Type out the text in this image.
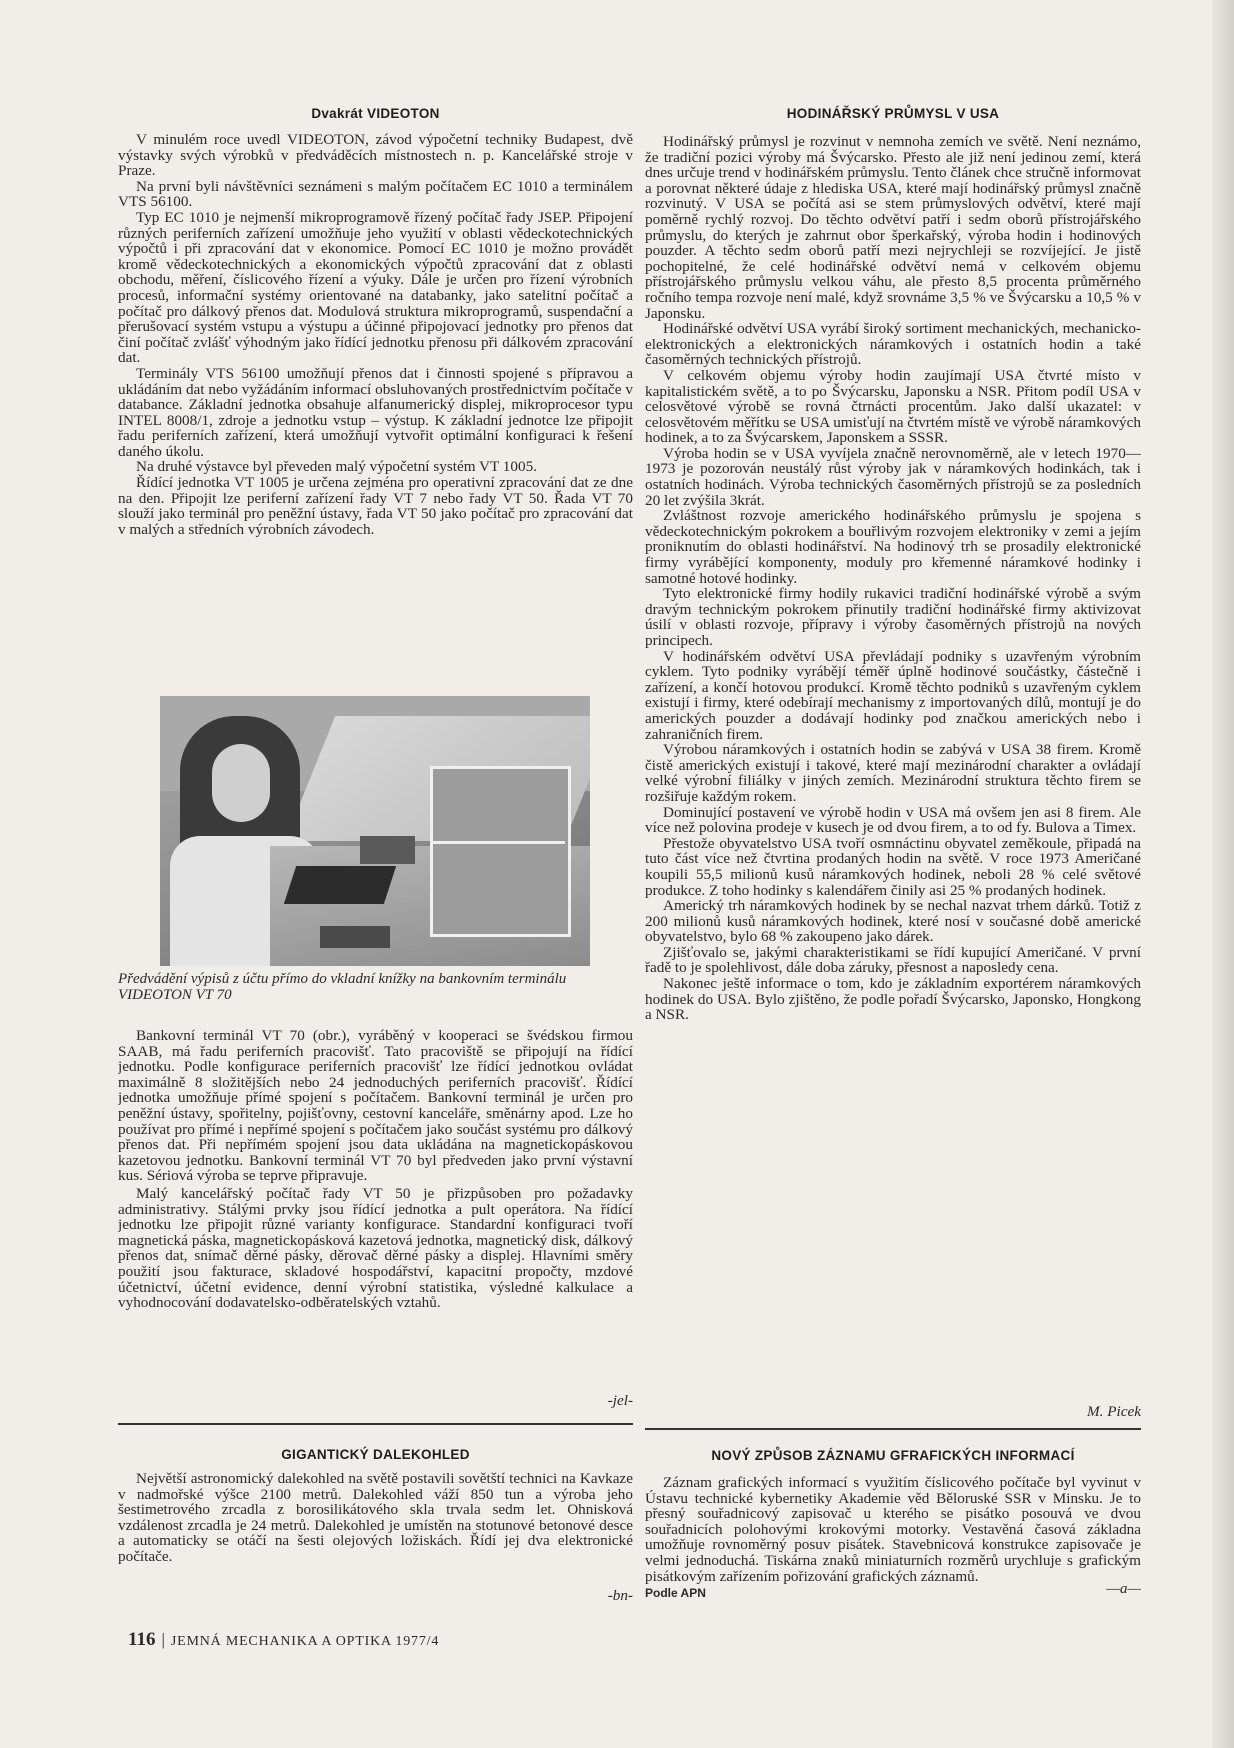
Dvakrát VIDEOTON

V minulém roce uvedl VIDEOTON, závod výpočetní techniky Budapest, dvě výstavky svých výrobků v předváděcích místnostech n. p. Kancelářské stroje v Praze.

Na první byli návštěvníci seznámeni s malým počítačem EC 1010 a terminálem VTS 56100.

Typ EC 1010 je nejmenší mikroprogramově řízený počítač řady JSEP. Připojení různých periferních zařízení umožňuje jeho využití v oblasti vědeckotechnických výpočtů i při zpracování dat v ekonomice. Pomocí EC 1010 je možno provádět kromě vědeckotechnických a ekonomických výpočtů zpracování dat z oblasti obchodu, měření, číslicového řízení a výuky. Dále je určen pro řízení výrobních procesů, informační systémy orientované na databanky, jako satelitní počítač a počítač pro dálkový přenos dat. Modulová struktura mikroprogramů, suspendační a přerušovací systém vstupu a výstupu a účinné připojovací jednotky pro přenos dat činí počítač zvlášť výhodným jako řídící jednotku přenosu při dálkovém zpracování dat.

Terminály VTS 56100 umožňují přenos dat i činnosti spojené s přípravou a ukládáním dat nebo vyžádáním informací obsluhovaných prostřednictvím počítače v databance. Základní jednotka obsahuje alfanumerický displej, mikroprocesor typu INTEL 8008/1, zdroje a jednotku vstup – výstup. K základní jednotce lze připojit řadu periferních zařízení, která umožňují vytvořit optimální konfiguraci k řešení daného úkolu.

Na druhé výstavce byl převeden malý výpočetní systém VT 1005.

Řídící jednotka VT 1005 je určena zejména pro operativní zpracování dat ze dne na den. Připojit lze periferní zařízení řady VT 7 nebo řady VT 50. Řada VT 70 slouží jako terminál pro peněžní ústavy, řada VT 50 jako počítač pro zpracování dat v malých a středních výrobních závodech.

Předvádění výpisů z účtu přímo do vkladní knížky na bankovním terminálu VIDEOTON VT 70

Bankovní terminál VT 70 (obr.), vyráběný v kooperaci se švédskou firmou SAAB, má řadu periferních pracovišť. Tato pracoviště se připojují na řídící jednotku. Podle konfigurace periferních pracovišť lze řídící jednotkou ovládat maximálně 8 složitějších nebo 24 jednoduchých periferních pracovišť. Řídící jednotka umožňuje přímé spojení s počítačem. Bankovní terminál je určen pro peněžní ústavy, spořitelny, pojišťovny, cestovní kanceláře, směnárny apod. Lze ho používat pro přímé i nepřímé spojení s počítačem jako součást systému pro dálkový přenos dat. Při nepřímém spojení jsou data ukládána na magnetickopáskovou kazetovou jednotku. Bankovní terminál VT 70 byl předveden jako první výstavní kus. Sériová výroba se teprve připravuje.

Malý kancelářský počítač řady VT 50 je přizpůsoben pro požadavky administrativy. Stálými prvky jsou řídící jednotka a pult operátora. Na řídící jednotku lze připojit různé varianty konfigurace. Standardní konfiguraci tvoří magnetická páska, magnetickopásková kazetová jednotka, magnetický disk, dálkový přenos dat, snímač děrné pásky, děrovač děrné pásky a displej. Hlavními směry použití jsou fakturace, skladové hospodářství, kapacitní propočty, mzdové účetnictví, účetní evidence, denní výrobní statistika, výsledné kalkulace a vyhodnocování dodavatelsko-odběratelských vztahů.

-jel-
GIGANTICKÝ DALEKOHLED

Největší astronomický dalekohled na světě postavili sovětští technici na Kavkaze v nadmořské výšce 2100 metrů. Dalekohled váží 850 tun a výroba jeho šestimetrového zrcadla z borosilikátového skla trvala sedm let. Ohnisková vzdálenost zrcadla je 24 metrů. Dalekohled je umístěn na stotunové betonové desce a automaticky se otáčí na šesti olejových ložiskách. Řídí jej dva elektronické počítače.

-bn-
HODINÁŘSKÝ PRŮMYSL V USA

Hodinářský průmysl je rozvinut v nemnoha zemích ve světě. Není neznámo, že tradiční pozici výroby má Švýcarsko. Přesto ale již není jedinou zemí, která dnes určuje trend v hodinářském průmyslu. Tento článek chce stručně informovat a porovnat některé údaje z hlediska USA, které mají hodinářský průmysl značně rozvinutý. V USA se počítá asi se stem průmyslových odvětví, které mají poměrně rychlý rozvoj. Do těchto odvětví patří i sedm oborů přístrojářského průmyslu, do kterých je zahrnut obor šperkařský, výroba hodin i hodinových pouzder. A těchto sedm oborů patří mezi nejrychleji se rozvíjející. Je jistě pochopitelné, že celé hodinářské odvětví nemá v celkovém objemu přístrojářského průmyslu velkou váhu, ale přesto 8,5 procenta průměrného ročního tempa rozvoje není malé, když srovnáme 3,5 % ve Švýcarsku a 10,5 % v Japonsku.

Hodinářské odvětví USA vyrábí široký sortiment mechanických, mechanicko-elektronických a elektronických náramkových i ostatních hodin a také časoměrných technických přístrojů.

V celkovém objemu výroby hodin zaujímají USA čtvrté místo v kapitalistickém světě, a to po Švýcarsku, Japonsku a NSR. Přitom podíl USA v celosvětové výrobě se rovná čtrnácti procentům. Jako další ukazatel: v celosvětovém měřítku se USA umisťují na čtvrtém místě ve výrobě náramkových hodinek, a to za Švýcarskem, Japonskem a SSSR.

Výroba hodin se v USA vyvíjela značně nerovnoměrně, ale v letech 1970—1973 je pozorován neustálý růst výroby jak v náramkových hodinkách, tak i ostatních hodinách. Výroba technických časoměrných přístrojů se za posledních 20 let zvýšila 3krát.

Zvláštnost rozvoje amerického hodinářského průmyslu je spojena s vědeckotechnickým pokrokem a bouřlivým rozvojem elektroniky v zemi a jejím proniknutím do oblasti hodinářství. Na hodinový trh se prosadily elektronické firmy vyrábějící komponenty, moduly pro křemenné náramkové hodinky i samotné hotové hodinky.

Tyto elektronické firmy hodily rukavici tradiční hodinářské výrobě a svým dravým technickým pokrokem přinutily tradiční hodinářské firmy aktivizovat úsilí v oblasti rozvoje, přípravy i výroby časoměrných přístrojů na nových principech.

V hodinářském odvětví USA převládají podniky s uzavřeným výrobním cyklem. Tyto podniky vyrábějí téměř úplně hodinové součástky, částečně i zařízení, a končí hotovou produkcí. Kromě těchto podniků s uzavřeným cyklem existují i firmy, které odebírají mechanismy z importovaných dílů, montují je do amerických pouzder a dodávají hodinky pod značkou amerických nebo i zahraničních firem.

Výrobou náramkových i ostatních hodin se zabývá v USA 38 firem. Kromě čistě amerických existují i takové, které mají mezinárodní charakter a ovládají velké výrobní filiálky v jiných zemích. Mezinárodní struktura těchto firem se rozšiřuje každým rokem.

Dominující postavení ve výrobě hodin v USA má ovšem jen asi 8 firem. Ale více než polovina prodeje v kusech je od dvou firem, a to od fy. Bulova a Timex.

Přestože obyvatelstvo USA tvoří osmnáctinu obyvatel zeměkoule, připadá na tuto část více než čtvrtina prodaných hodin na světě. V roce 1973 Američané koupili 55,5 milionů kusů náramkových hodinek, neboli 28 % celé světové produkce. Z toho hodinky s kalendářem činily asi 25 % prodaných hodinek.

Americký trh náramkových hodinek by se nechal nazvat trhem dárků. Totiž z 200 milionů kusů náramkových hodinek, které nosí v současné době americké obyvatelstvo, bylo 68 % zakoupeno jako dárek.

Zjišťovalo se, jakými charakteristikami se řídí kupující Američané. V první řadě to je spolehlivost, dále doba záruky, přesnost a naposledy cena.

Nakonec ještě informace o tom, kdo je základním exportérem náramkových hodinek do USA. Bylo zjištěno, že podle pořadí Švýcarsko, Japonsko, Hongkong a NSR.

M. Picek
NOVÝ ZPŮSOB ZÁZNAMU GFRAFICKÝCH INFORMACÍ

Záznam grafických informací s využitím číslicového počítače byl vyvinut v Ústavu technické kybernetiky Akademie věd Běloruské SSR v Minsku. Je to přesný souřadnicový zapisovač u kterého se pisátko posouvá ve dvou souřadnicích polohovými krokovými motorky. Vestavěná časová základna umožňuje rovnoměrný posuv pisátek. Stavebnicová konstrukce zapisovače je velmi jednoduchá. Tiskárna znaků miniaturních rozměrů urychluje s grafickým pisátkovým zařízením pořizování grafických záznamů.

—a—
Podle APN
116 | JEMNÁ MECHANIKA A OPTIKA 1977/4
